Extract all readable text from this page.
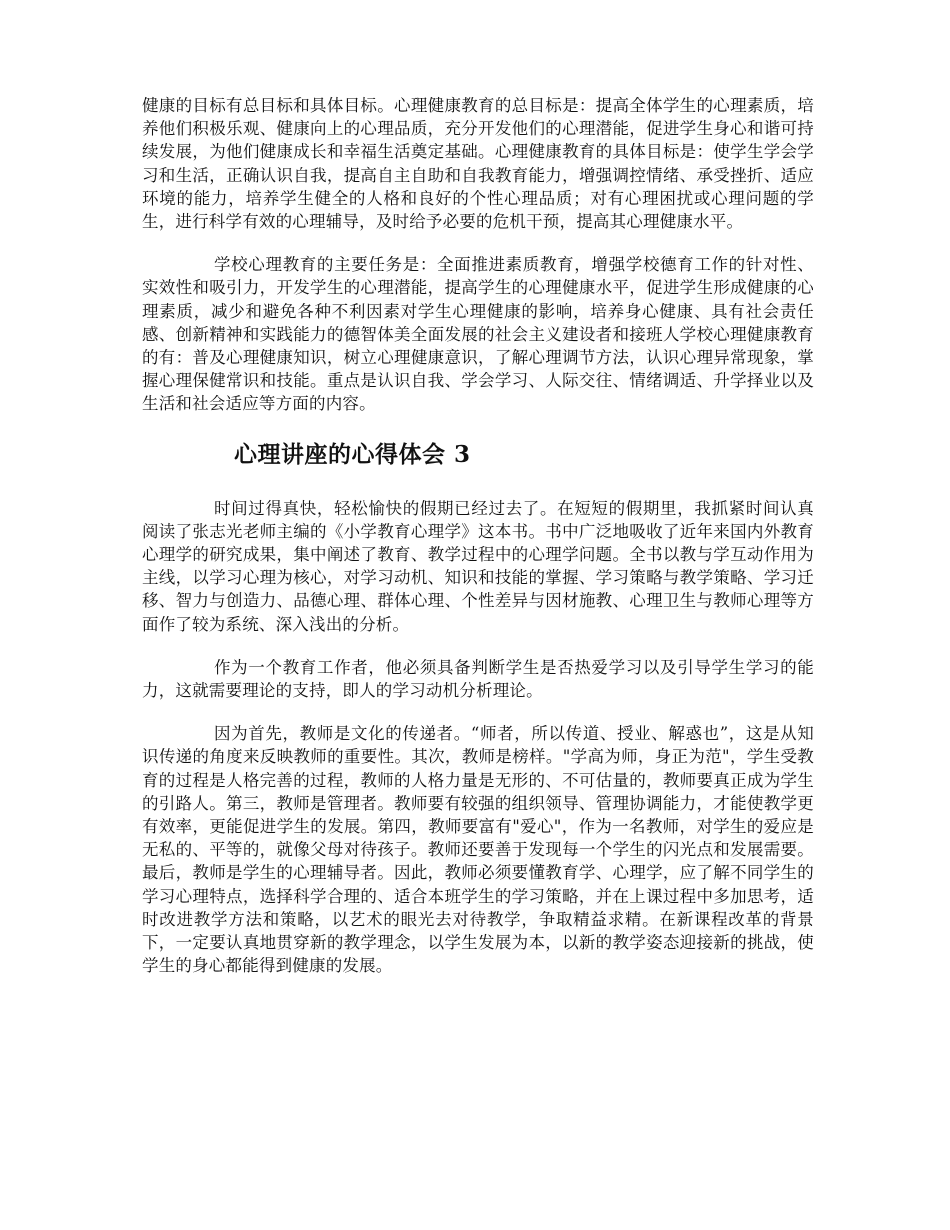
健康的目标有总目标和具体目标。心理健康教育的总目标是：提高全体学生的心理素质，培养他们积极乐观、健康向上的心理品质，充分开发他们的心理潜能，促进学生身心和谐可持续发展，为他们健康成长和幸福生活奠定基础。心理健康教育的具体目标是：使学生学会学习和生活，正确认识自我，提高自主自助和自我教育能力，增强调控情绪、承受挫折、适应环境的能力，培养学生健全的人格和良好的个性心理品质；对有心理困扰或心理问题的学生，进行科学有效的心理辅导，及时给予必要的危机干预，提高其心理健康水平。

学校心理教育的主要任务是：全面推进素质教育，增强学校德育工作的针对性、实效性和吸引力，开发学生的心理潜能，提高学生的心理健康水平，促进学生形成健康的心理素质，减少和避免各种不利因素对学生心理健康的影响，培养身心健康、具有社会责任感、创新精神和实践能力的德智体美全面发展的社会主义建设者和接班人学校心理健康教育的有：普及心理健康知识，树立心理健康意识，了解心理调节方法，认识心理异常现象，掌握心理保健常识和技能。重点是认识自我、学会学习、人际交往、情绪调适、升学择业以及生活和社会适应等方面的内容。

心理讲座的心得体会 3

时间过得真快，轻松愉快的假期已经过去了。在短短的假期里，我抓紧时间认真阅读了张志光老师主编的《小学教育心理学》这本书。书中广泛地吸收了近年来国内外教育心理学的研究成果，集中阐述了教育、教学过程中的心理学问题。全书以教与学互动作用为主线，以学习心理为核心，对学习动机、知识和技能的掌握、学习策略与教学策略、学习迁移、智力与创造力、品德心理、群体心理、个性差异与因材施教、心理卫生与教师心理等方面作了较为系统、深入浅出的分析。

作为一个教育工作者，他必须具备判断学生是否热爱学习以及引导学生学习的能力，这就需要理论的支持，即人的学习动机分析理论。

因为首先，教师是文化的传递者。“师者，所以传道、授业、解惑也”，这是从知识传递的角度来反映教师的重要性。其次，教师是榜样。"学高为师，身正为范"，学生受教育的过程是人格完善的过程，教师的人格力量是无形的、不可估量的，教师要真正成为学生的引路人。第三，教师是管理者。教师要有较强的组织领导、管理协调能力，才能使教学更有效率，更能促进学生的发展。第四，教师要富有"爱心"，作为一名教师，对学生的爱应是无私的、平等的，就像父母对待孩子。教师还要善于发现每一个学生的闪光点和发展需要。最后，教师是学生的心理辅导者。因此，教师必须要懂教育学、心理学，应了解不同学生的学习心理特点，选择科学合理的、适合本班学生的学习策略，并在上课过程中多加思考，适时改进教学方法和策略，以艺术的眼光去对待教学，争取精益求精。在新课程改革的背景下，一定要认真地贯穿新的教学理念，以学生发展为本，以新的教学姿态迎接新的挑战，使学生的身心都能得到健康的发展。
